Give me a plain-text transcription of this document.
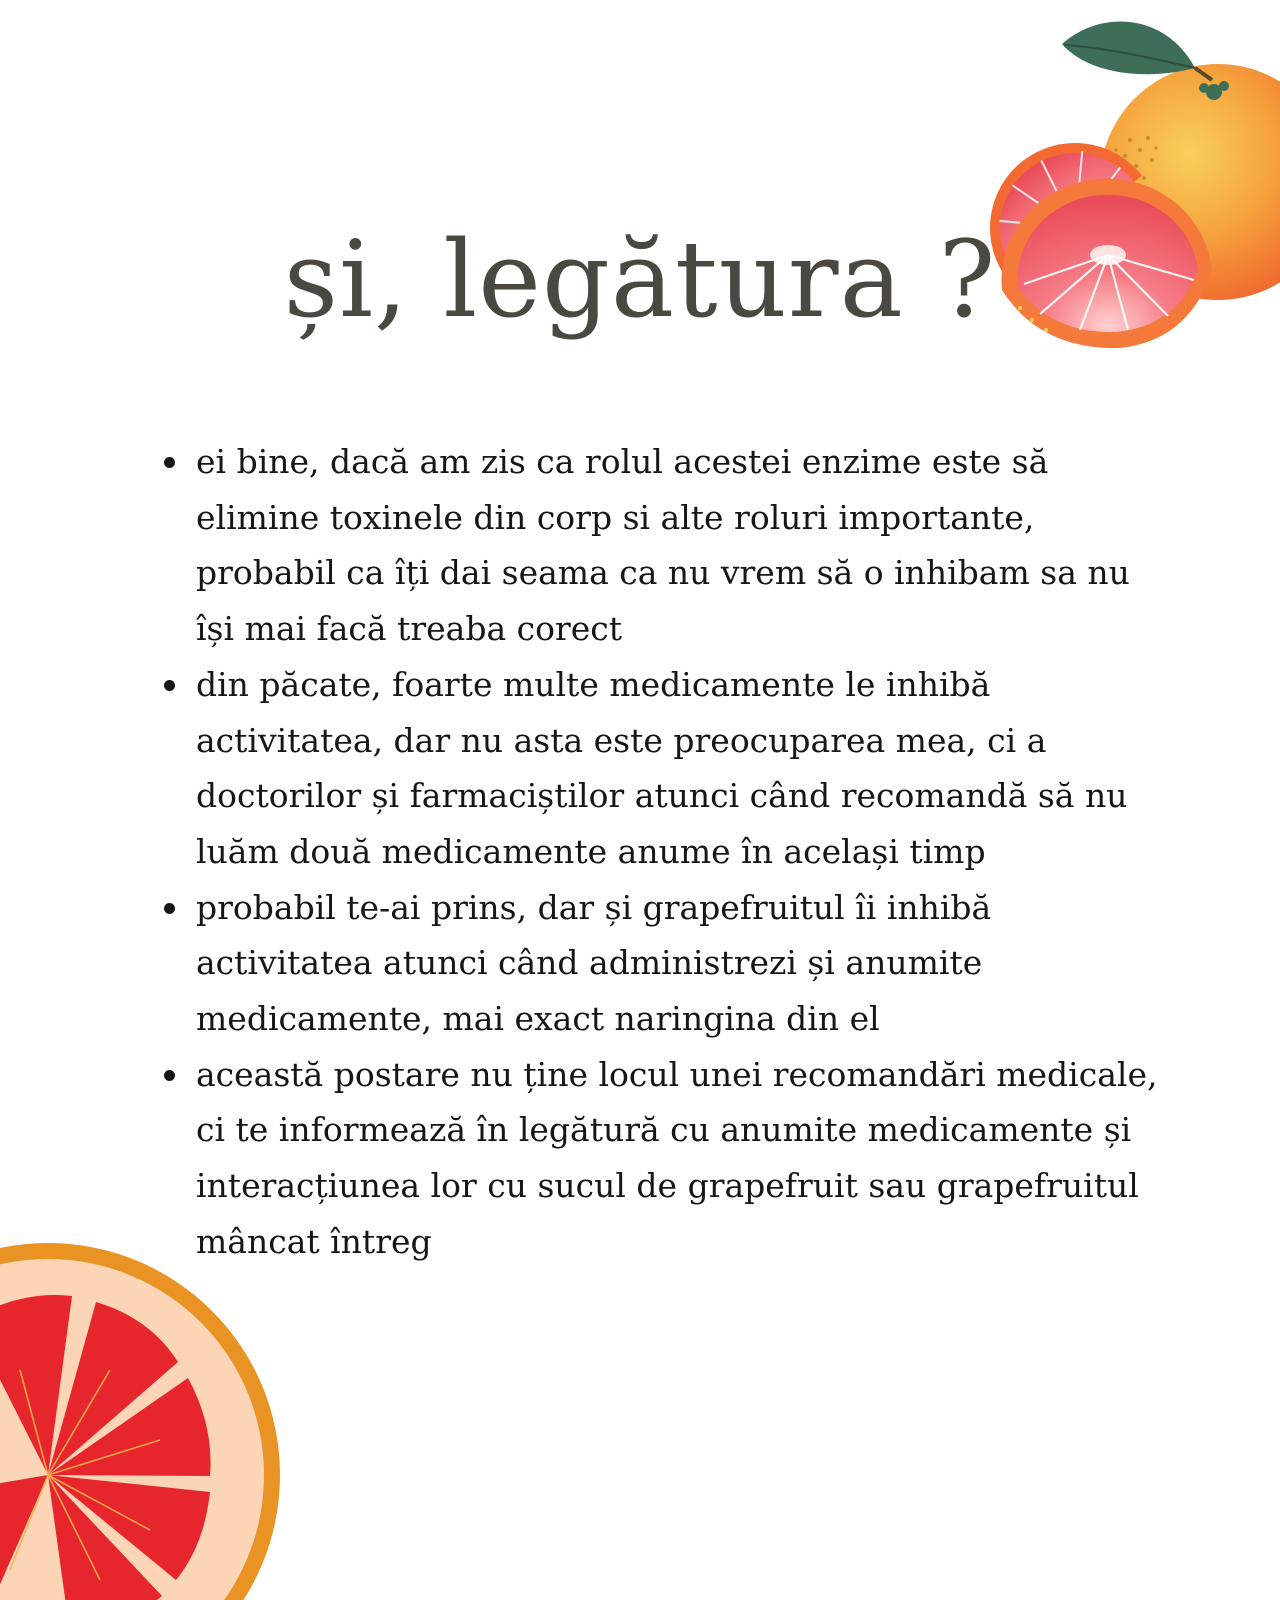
și, legătura ?
ei bine, dacă am zis ca rolul acestei enzime este să elimine toxinele din corp si alte roluri importante, probabil ca îți dai seama ca nu vrem să o inhibam sa nu își mai facă treaba corect
din păcate, foarte multe medicamente le inhibă activitatea, dar nu asta este preocuparea mea, ci a doctorilor și farmaciștilor atunci când recomandă să nu luăm două medicamente anume în același timp
probabil te-ai prins, dar și grapefruitul îi inhibă activitatea atunci când administrezi și anumite medicamente, mai exact naringina din el
această postare nu ține locul unei recomandări medicale, ci te informează în legătură cu anumite medicamente și interacțiunea lor cu sucul de grapefruit sau grapefruitul mâncat întreg
